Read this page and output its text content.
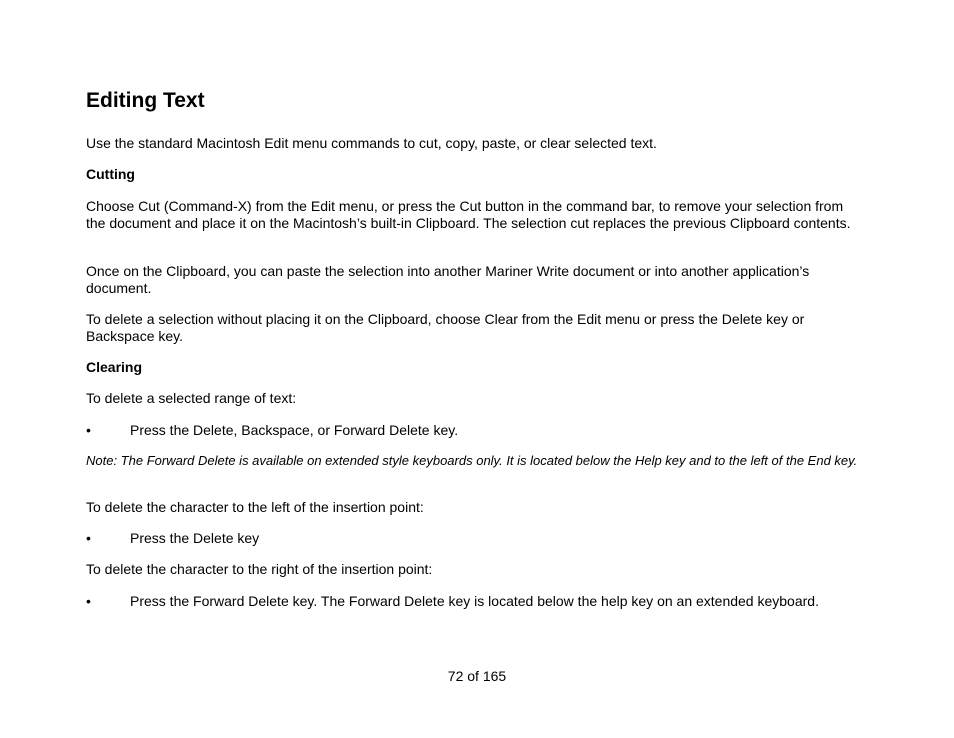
Editing Text

Use the standard Macintosh Edit menu commands to cut, copy, paste, or clear selected text.

Cutting

Choose Cut (Command-X) from the Edit menu, or press the Cut button in the command bar, to remove your selection from the document and place it on the Macintosh’s built-in Clipboard. The selection cut replaces the previous Clipboard contents.

Once on the Clipboard, you can paste the selection into another Mariner Write document or into another application’s document.

To delete a selection without placing it on the Clipboard, choose Clear from the Edit menu or press the Delete key or Backspace key.

Clearing

To delete a selected range of text:

•	Press the Delete, Backspace, or Forward Delete key.

Note: The Forward Delete is available on extended style keyboards only. It is located below the Help key and to the left of the End key.

To delete the character to the left of the insertion point:

•	Press the Delete key

To delete the character to the right of the insertion point:

•	Press the Forward Delete key. The Forward Delete key is located below the help key on an extended keyboard.
72 of 165
